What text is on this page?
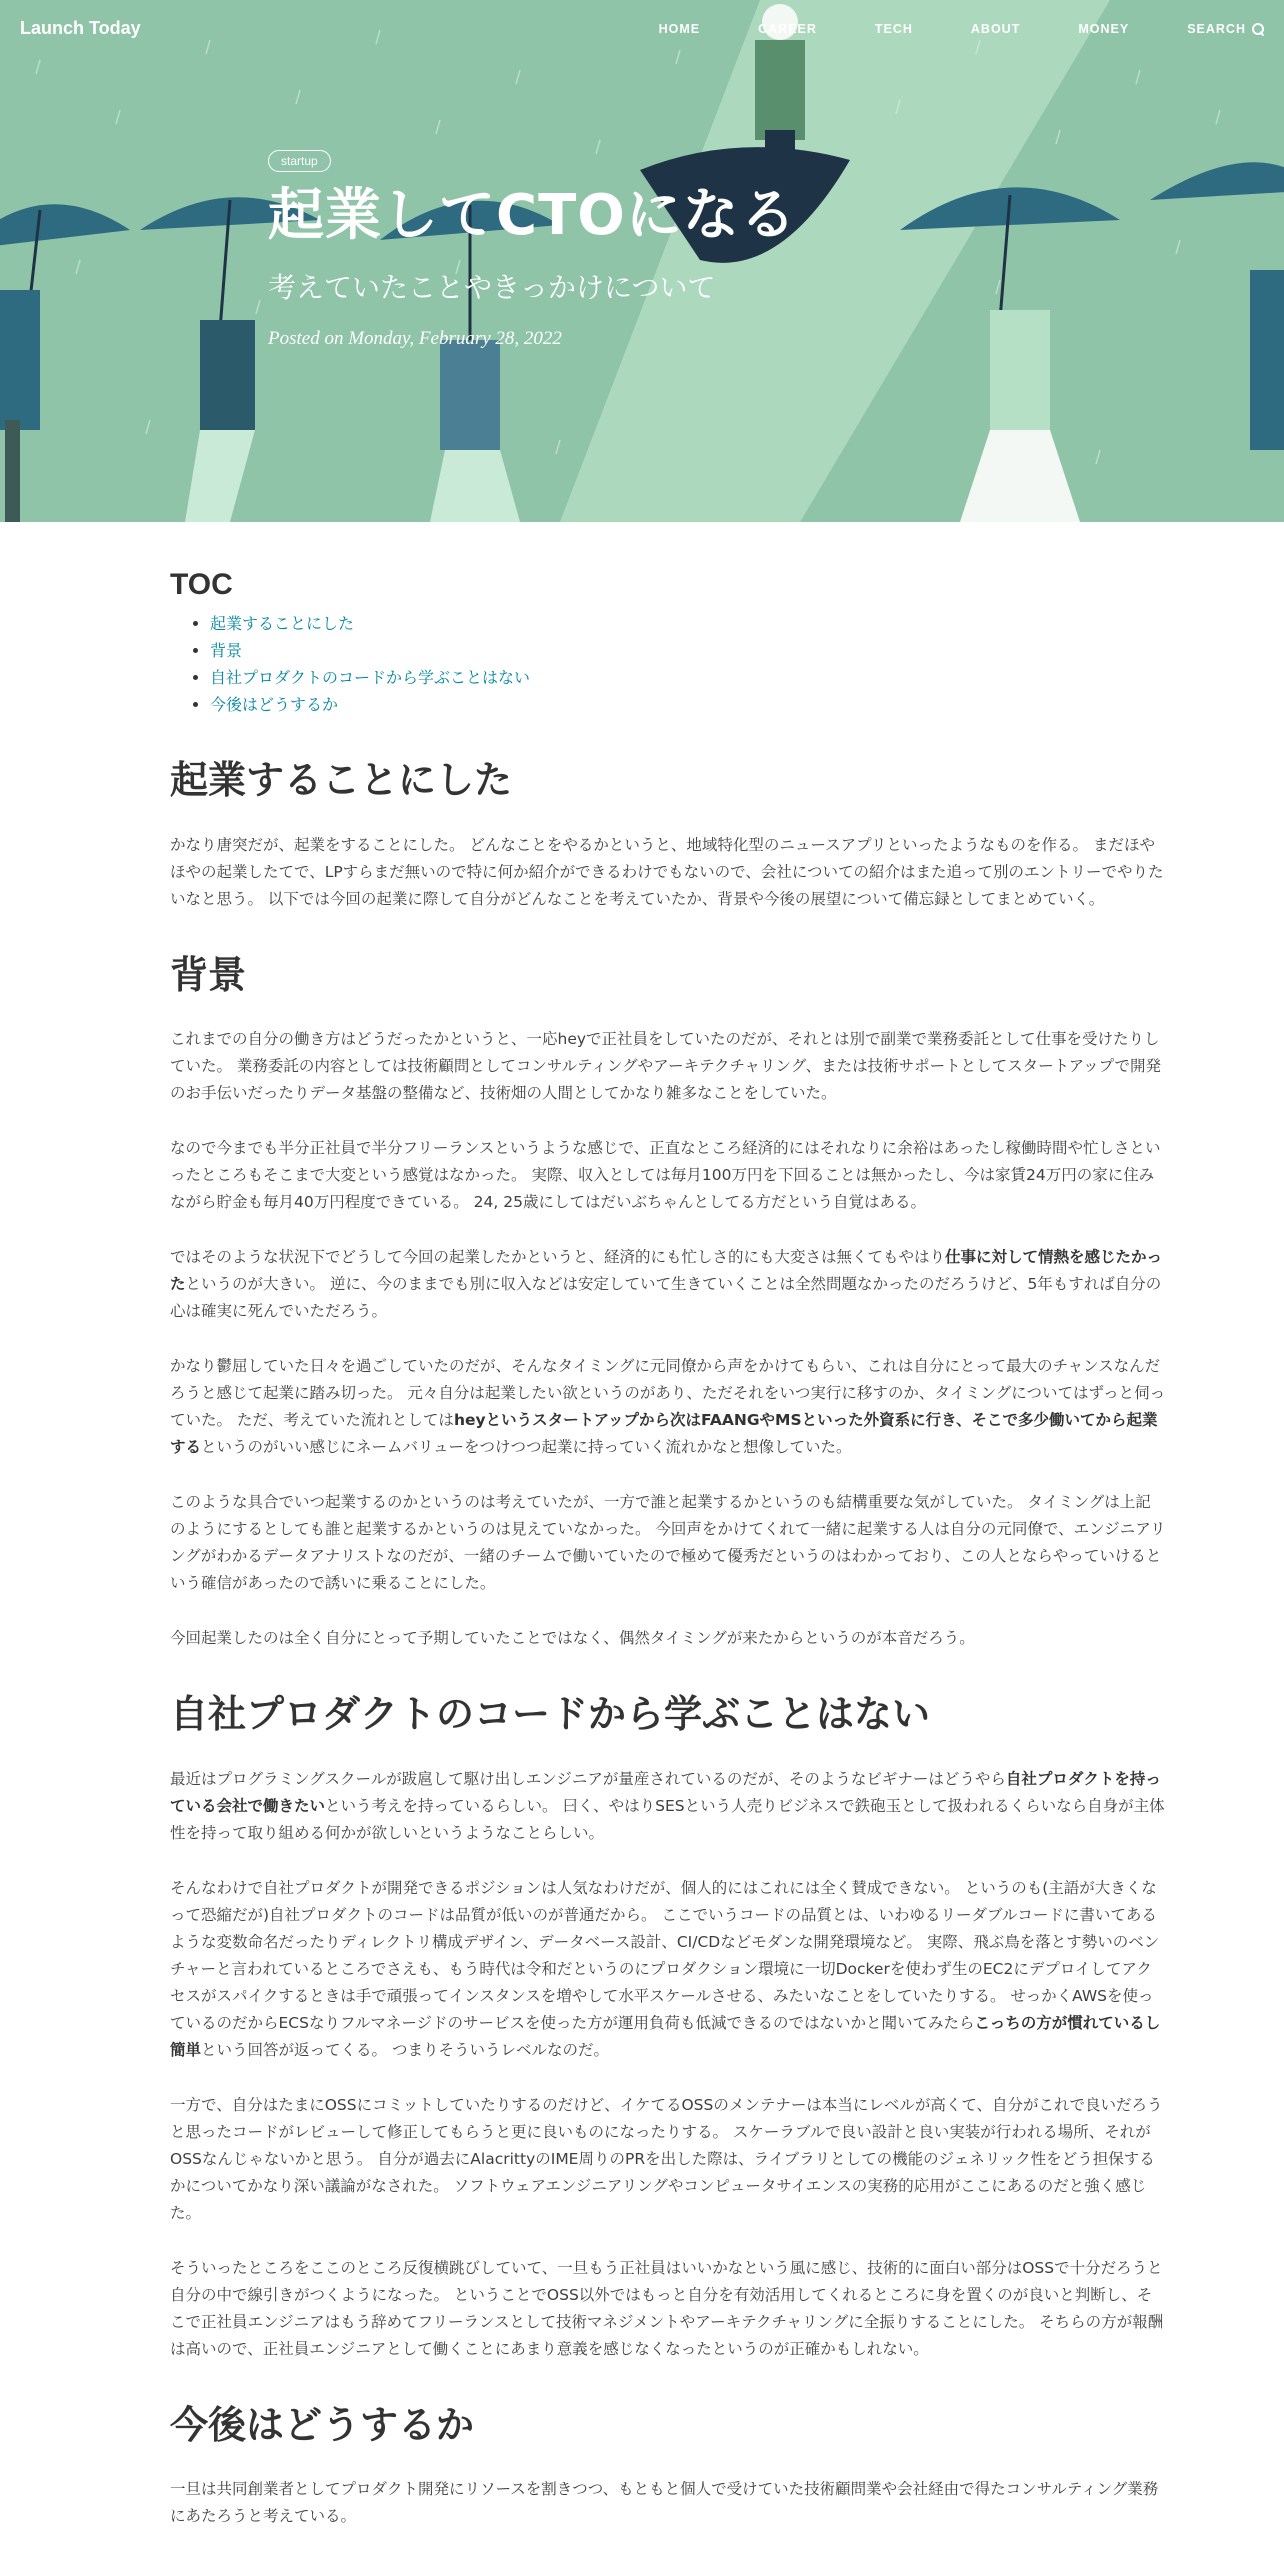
Launch Today	HOME	CAREER	TECH	ABOUT	MONEY	SEARCH
startup
起業してCTOになる
考えていたことやきっかけについて
Posted on Monday, February 28, 2022
TOC
• 起業することにした
• 背景
• 自社プロダクトのコードから学ぶことはない
• 今後はどうするか
起業することにした

かなり唐突だが、起業をすることにした。 どんなことをやるかというと、地域特化型のニュースアプリといったようなものを作る。 まだほやほやの起業したてで、LPすらまだ無いので特に何か紹介ができるわけでもないので、会社についての紹介はまた追って別のエントリーでやりたいなと思う。 以下では今回の起業に際して自分がどんなことを考えていたか、背景や今後の展望について備忘録としてまとめていく。

背景

これまでの自分の働き方はどうだったかというと、一応heyで正社員をしていたのだが、それとは別で副業で業務委託として仕事を受けたりしていた。 業務委託の内容としては技術顧問としてコンサルティングやアーキテクチャリング、または技術サポートとしてスタートアップで開発のお手伝いだったりデータ基盤の整備など、技術畑の人間としてかなり雑多なことをしていた。

なので今までも半分正社員で半分フリーランスというような感じで、正直なところ経済的にはそれなりに余裕はあったし稼働時間や忙しさといったところもそこまで大変という感覚はなかった。 実際、収入としては毎月100万円を下回ることは無かったし、今は家賃24万円の家に住みながら貯金も毎月40万円程度できている。 24, 25歳にしてはだいぶちゃんとしてる方だという自覚はある。

ではそのような状況下でどうして今回の起業したかというと、経済的にも忙しさ的にも大変さは無くてもやはり仕事に対して情熱を感じたかったというのが大きい。 逆に、今のままでも別に収入などは安定していて生きていくことは全然問題なかったのだろうけど、5年もすれば自分の心は確実に死んでいただろう。

かなり鬱屈していた日々を過ごしていたのだが、そんなタイミングに元同僚から声をかけてもらい、これは自分にとって最大のチャンスなんだろうと感じて起業に踏み切った。 元々自分は起業したい欲というのがあり、ただそれをいつ実行に移すのか、タイミングについてはずっと伺っていた。 ただ、考えていた流れとしてはheyというスタートアップから次はFAANGやMSといった外資系に行き、そこで多少働いてから起業するというのがいい感じにネームバリューをつけつつ起業に持っていく流れかなと想像していた。

このような具合でいつ起業するのかというのは考えていたが、一方で誰と起業するかというのも結構重要な気がしていた。 タイミングは上記のようにするとしても誰と起業するかというのは見えていなかった。 今回声をかけてくれて一緒に起業する人は自分の元同僚で、エンジニアリングがわかるデータアナリストなのだが、一緒のチームで働いていたので極めて優秀だというのはわかっており、この人とならやっていけるという確信があったので誘いに乗ることにした。

今回起業したのは全く自分にとって予期していたことではなく、偶然タイミングが来たからというのが本音だろう。

自社プロダクトのコードから学ぶことはない

最近はプログラミングスクールが跋扈して駆け出しエンジニアが量産されているのだが、そのようなビギナーはどうやら自社プロダクトを持っている会社で働きたいという考えを持っているらしい。 曰く、やはりSESという人売りビジネスで鉄砲玉として扱われるくらいなら自身が主体性を持って取り組める何かが欲しいというようなことらしい。

そんなわけで自社プロダクトが開発できるポジションは人気なわけだが、個人的にはこれには全く賛成できない。 というのも(主語が大きくなって恐縮だが)自社プロダクトのコードは品質が低いのが普通だから。 ここでいうコードの品質とは、いわゆるリーダブルコードに書いてあるような変数命名だったりディレクトリ構成デザイン、データベース設計、CI/CDなどモダンな開発環境など。 実際、飛ぶ鳥を落とす勢いのベンチャーと言われているところでさえも、もう時代は令和だというのにプロダクション環境に一切Dockerを使わず生のEC2にデプロイしてアクセスがスパイクするときは手で頑張ってインスタンスを増やして水平スケールさせる、みたいなことをしていたりする。 せっかくAWSを使っているのだからECSなりフルマネージドのサービスを使った方が運用負荷も低減できるのではないかと聞いてみたらこっちの方が慣れているし簡単という回答が返ってくる。 つまりそういうレベルなのだ。

一方で、自分はたまにOSSにコミットしていたりするのだけど、イケてるOSSのメンテナーは本当にレベルが高くて、自分がこれで良いだろうと思ったコードがレビューして修正してもらうと更に良いものになったりする。 スケーラブルで良い設計と良い実装が行われる場所、それがOSSなんじゃないかと思う。 自分が過去にAlacrittyのIME周りのPRを出した際は、ライブラリとしての機能のジェネリック性をどう担保するかについてかなり深い議論がなされた。 ソフトウェアエンジニアリングやコンピュータサイエンスの実務的応用がここにあるのだと強く感じた。

そういったところをここのところ反復横跳びしていて、一旦もう正社員はいいかなという風に感じ、技術的に面白い部分はOSSで十分だろうと自分の中で線引きがつくようになった。 ということでOSS以外ではもっと自分を有効活用してくれるところに身を置くのが良いと判断し、そこで正社員エンジニアはもう辞めてフリーランスとして技術マネジメントやアーキテクチャリングに全振りすることにした。 そちらの方が報酬は高いので、正社員エンジニアとして働くことにあまり意義を感じなくなったというのが正確かもしれない。

今後はどうするか

一旦は共同創業者としてプロダクト開発にリソースを割きつつ、もともと個人で受けていた技術顧問業や会社経由で得たコンサルティング業務にあたろうと考えている。
